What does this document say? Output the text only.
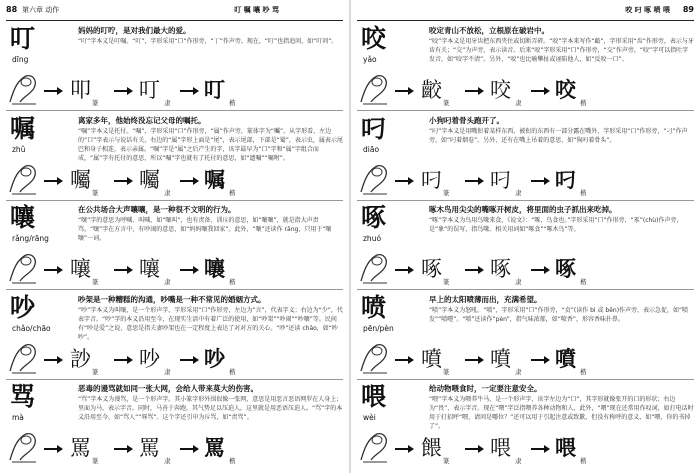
88 第六章 动作	叮 嘱 嚷 吵 骂
叮
dīng
妈妈的叮咛，是对我们最大的爱。
“叮”字本义是叮嘱。“叮”，字形采用“口”作形旁，“丁”作声旁。现在，“叮”也指追问，如“叮问”。
叩
篆
叮
隶
叮
楷
嘱
zhǔ
离家多年，他始终没忘记父母的嘱托。
“嘱”字本义是托付。“嘱”，字形采用“口”作形旁，“属”作声旁，篆体字为“囑”，从字形看，左边的“口”字表示与说话有关，右边的“属”字形上面是“尾”，表示尾部，下部是“蜀”，表示虫，属表示尾巴和身子相连，表示亲属。“嘱”字是“属”之后产生的字，该字最早为“口”字和“属”字组合而成，“属”字有托付的意思，所以“嘱”字也就有了托付的意思，如“遗嘱”“嘱咐”。
囑
篆
囑
隶
嘱
楷
嚷
rǎng/rāng
在公共场合大声嚷嚷，是一种很不文明的行为。
“嚷”字的意思为呼喊、叫喊，如“嚷叫”，也有责备、训斥的意思，如“嚷嚷”，就是指大声责骂。“嚷”字在方言中，有吵闹的意思，如“妈妈嚷我回家”。此外，“嚷”还读作 rāng，只用于“嚷嚷”一词。
嚷
篆
嚷
隶
嚷
楷
吵
chǎo/chāo
吵架是一种糟糕的沟通，吵嘴是一种不常见的婚姻方式。
“吵”字本义为叫嚷，是一个形声字，字形采用“口”作形旁，左边为“言”，代表字义；右边为“少”，代表字音。“吵”字的本义沿用至今，在现实生活中有着广泛的使用，如“吵架”“吵闹”“吵嚷”等。民间有“吵是爱”之说，意思是指夫妻吵架也在一定程度上表达了对对方的关心。“吵”还读 chāo，如“吵吵”。
訬
篆
吵
隶
吵
楷
骂
mà
恶毒的谩骂就如同一张大网，会给人带来莫大的伤害。
“骂”字本义为谩骂，是一个形声字。其小篆字形外围很像一张网，意思是用恶言恶语网罗在人身上；里面为马，表示字音。同时，马善于奔跑，其气势足以压迫人，这里就是用恶语压迫人。“骂”字的本义沿用至今，如“骂人”“辱骂”。这个字还引申为斥骂，如“责骂”。
罵
篆
罵
隶
罵
楷
咬 叼 啄 喷 喂 89
咬
yǎo
咬定青山不放松，立根原在破岩中。
“咬”字本义是用牙齿把东西夹住或切断弄碎。“咬”字本来写作“齩”，字形采用“齿”作形旁，表示与牙齿有关；“交”为声旁，表示读音。后来“咬”字形采用“口”作形旁，“交”作声旁，“咬”字可以指吐字发音，如“咬字不清”。另外，“咬”也比喻攀扯或诬陷他人，如“反咬一口”。
齩
篆
咬
隶
咬
楷
叼
diāo
小狗叼着骨头跑开了。
“叼”字本义是用嘴衔着某样东西，被衔的东西有一部分露在嘴外，字形采用“口”作形旁，“刁”作声旁，如“叼着烟卷”。另外，还有在嘴上吊着的意思，如“狗叼着骨头”。
叼
篆
叼
隶
叼
楷
啄
zhuó
啄木鸟用尖尖的嘴啄开树皮，将里面的虫子抓出来吃掉。
“啄”字本义为鸟用鸟喙来食，《说文》：“啄，鸟食也。”字形采用“口”作形旁，“豖”(chù)作声旁，是“象”的误写，指鸟喙。相关用词如“啄食”“啄木鸟”等。
啄
篆
啄
隶
啄
楷
喷
pēn/pèn
早上的太阳喷薄而出，充满希望。
“喷”字本义为怒吼。“喷”，字形采用“口”作形旁，“贲”(读作 bì 或 bēn)作声旁，表示急促，如“喷发”“喷嚏”。“喷”还读作“pèn”，指气味浓郁，如“喷香”，形容香味扑鼻。
噴
篆
噴
隶
噴
楷
喂
wèi
给动物喂食时，一定要注意安全。
“喂”字本义为喂养牛马，是一个形声字，该字左边为“口”，其字形就像张开的口的形状；右边为“畏”，表示字音。现在“喂”字泛指喂养各种动物和人，此外，“喂”现在还常用作叹词，如打电话时用于打招呼“喂，请问是哪位？”还可以用于引起注意或致歉，但没有称呼的意义，如“喂，你的书掉了”。
餵
篆
喂
隶
喂
楷
